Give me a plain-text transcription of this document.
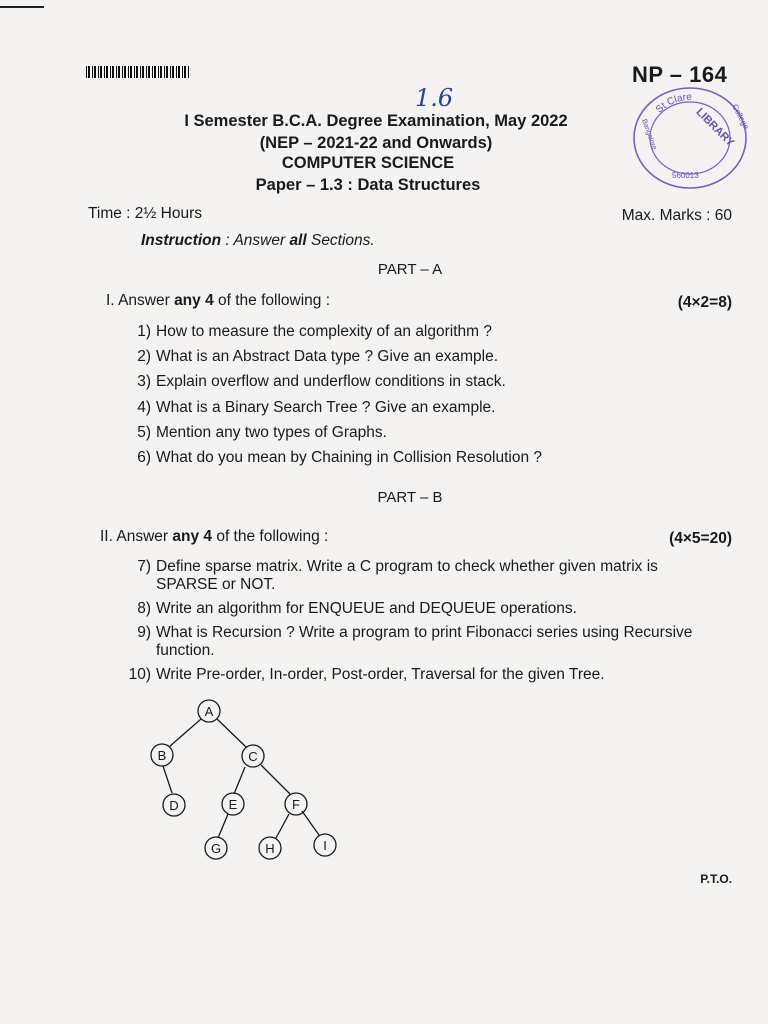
NP – 164
1.6	St Clare
Bangalore
College
LIBRARY
560013
I Semester B.C.A. Degree Examination, May 2022
(NEP – 2021-22 and Onwards)
COMPUTER SCIENCE
Paper – 1.3 : Data Structures
Time : 2½ Hours	Max. Marks : 60
Instruction : Answer all Sections.
PART – A
I. Answer any 4 of the following :	(4×2=8)
1) How to measure the complexity of an algorithm ?
2) What is an Abstract Data type ? Give an example.
3) Explain overflow and underflow conditions in stack.
4) What is a Binary Search Tree ? Give an example.
5) Mention any two types of Graphs.
6) What do you mean by Chaining in Collision Resolution ?
PART – B
II. Answer any 4 of the following :	(4×5=20)
7) Define sparse matrix. Write a C program to check whether given matrix is SPARSE or NOT.
8) Write an algorithm for ENQUEUE and DEQUEUE operations.
9) What is Recursion ? Write a program to print Fibonacci series using Recursive function.
10) Write Pre-order, In-order, Post-order, Traversal for the given Tree.
A
B	C
D	E	F
G	H	I
P.T.O.
